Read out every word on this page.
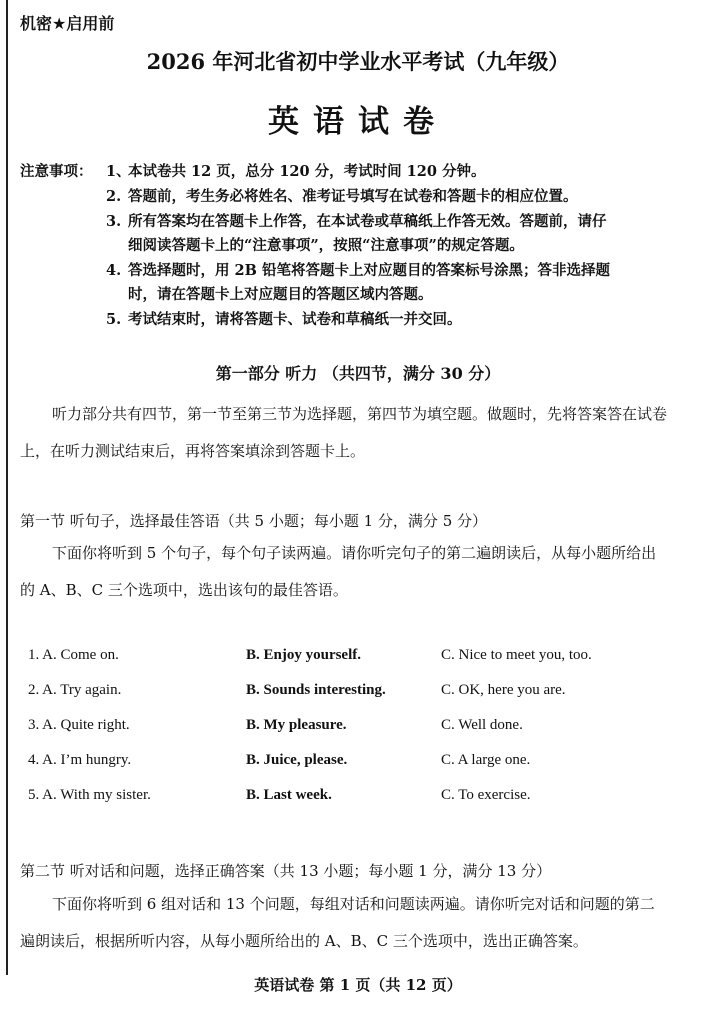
机密★启用前
2026 年河北省初中学业水平考试（九年级）
英语试卷
注意事项： 1、本试卷共 12 页，总分 120 分，考试时间 120 分钟。
2. 答题前，考生务必将姓名、准考证号填写在试卷和答题卡的相应位置。
3. 所有答案均在答题卡上作答，在本试卷或草稿纸上作答无效。答题前，请仔
细阅读答题卡上的“注意事项”，按照“注意事项”的规定答题。
4. 答选择题时，用 2B 铅笔将答题卡上对应题目的答案标号涂黑；答非选择题
时，请在答题卡上对应题目的答题区域内答题。
5. 考试结束时，请将答题卡、试卷和草稿纸一并交回。
第一部分 听力 （共四节，满分 30 分）
听力部分共有四节，第一节至第三节为选择题，第四节为填空题。做题时，先将答案答在试卷上，在听力测试结束后，再将答案填涂到答题卡上。
第一节 听句子，选择最佳答语（共 5 小题；每小题 1 分，满分 5 分）
下面你将听到 5 个句子，每个句子读两遍。请你听完句子的第二遍朗读后，从每小题所给出的 A、B、C 三个选项中，选出该句的最佳答语。
1. A. Come on.	B. Enjoy yourself.	C. Nice to meet you, too.
2. A. Try again.	B. Sounds interesting.	C. OK, here you are.
3. A. Quite right.	B. My pleasure.	C. Well done.
4. A. I’m hungry.	B. Juice, please.	C. A large one.
5. A. With my sister.	B. Last week.	C. To exercise.
第二节 听对话和问题，选择正确答案（共 13 小题；每小题 1 分，满分 13 分）
下面你将听到 6 组对话和 13 个问题，每组对话和问题读两遍。请你听完对话和问题的第二遍朗读后，根据所听内容，从每小题所给出的 A、B、C 三个选项中，选出正确答案。
英语试卷 第 1 页（共 12 页）
